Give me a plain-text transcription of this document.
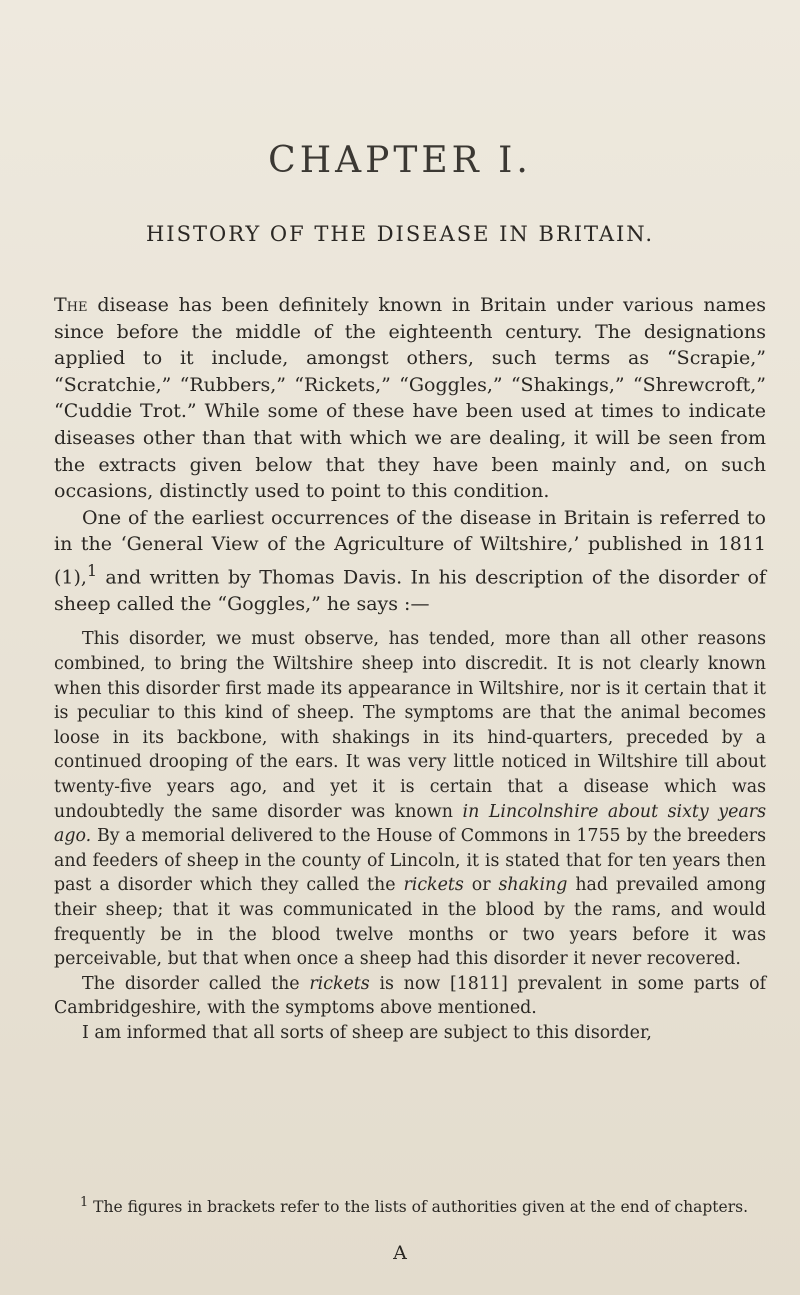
CHAPTER I.
HISTORY OF THE DISEASE IN BRITAIN.

The disease has been definitely known in Britain under various names since before the middle of the eighteenth century. The designations applied to it include, amongst others, such terms as “Scrapie,” “Scratchie,” “Rubbers,” “Rickets,” “Goggles,” “Shakings,” “Shrewcroft,” “Cuddie Trot.” While some of these have been used at times to indicate diseases other than that with which we are dealing, it will be seen from the extracts given below that they have been mainly and, on such occasions, distinctly used to point to this condition.

One of the earliest occurrences of the disease in Britain is referred to in the ‘General View of the Agriculture of Wiltshire,’ published in 1811 (1),$^1$ and written by Thomas Davis. In his description of the disorder of sheep called the “Goggles,” he says :—

This disorder, we must observe, has tended, more than all other reasons combined, to bring the Wiltshire sheep into discredit. It is not clearly known when this disorder first made its appearance in Wiltshire, nor is it certain that it is peculiar to this kind of sheep. The symptoms are that the animal becomes loose in its backbone, with shakings in its hind-quarters, preceded by a continued drooping of the ears. It was very little noticed in Wiltshire till about twenty-five years ago, and yet it is certain that a disease which was undoubtedly the same disorder was known in Lincolnshire about sixty years ago. By a memorial delivered to the House of Commons in 1755 by the breeders and feeders of sheep in the county of Lincoln, it is stated that for ten years then past a disorder which they called the rickets or shaking had prevailed among their sheep; that it was communicated in the blood by the rams, and would frequently be in the blood twelve months or two years before it was perceivable, but that when once a sheep had this disorder it never recovered.

The disorder called the rickets is now [1811] prevalent in some parts of Cambridgeshire, with the symptoms above mentioned.

I am informed that all sorts of sheep are subject to this disorder,

$^1$ The figures in brackets refer to the lists of authorities given at the end of chapters.
A
